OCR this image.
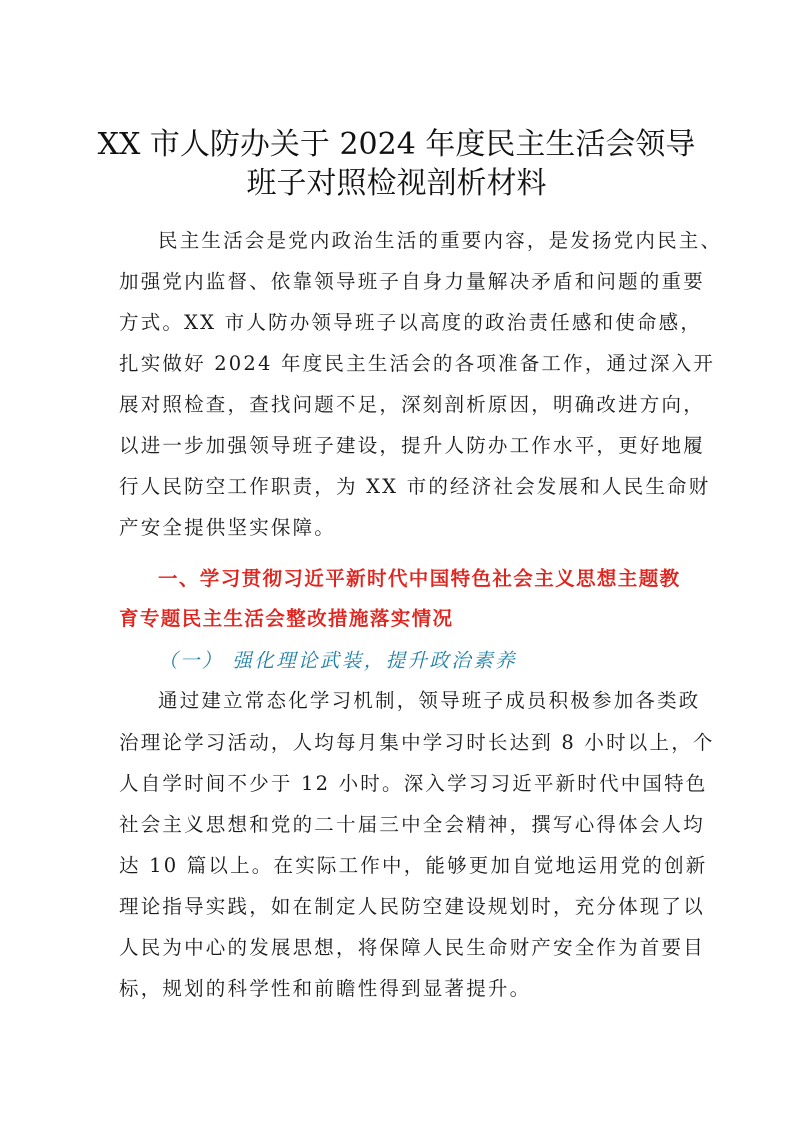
XX 市人防办关于 2024 年度民主生活会领导
班子对照检视剖析材料
民主生活会是党内政治生活的重要内容，是发扬党内民主、
加强党内监督、依靠领导班子自身力量解决矛盾和问题的重要
方式。XX 市人防办领导班子以高度的政治责任感和使命感，
扎实做好 2024 年度民主生活会的各项准备工作，通过深入开
展对照检查，查找问题不足，深刻剖析原因，明确改进方向，
以进一步加强领导班子建设，提升人防办工作水平，更好地履
行人民防空工作职责，为 XX 市的经济社会发展和人民生命财
产安全提供坚实保障。
一、学习贯彻习近平新时代中国特色社会主义思想主题教
育专题民主生活会整改措施落实情况
（一） 强化理论武装，提升政治素养
通过建立常态化学习机制，领导班子成员积极参加各类政
治理论学习活动，人均每月集中学习时长达到 8 小时以上，个
人自学时间不少于 12 小时。深入学习习近平新时代中国特色
社会主义思想和党的二十届三中全会精神，撰写心得体会人均
达 10 篇以上。在实际工作中，能够更加自觉地运用党的创新
理论指导实践，如在制定人民防空建设规划时，充分体现了以
人民为中心的发展思想，将保障人民生命财产安全作为首要目
标，规划的科学性和前瞻性得到显著提升。
